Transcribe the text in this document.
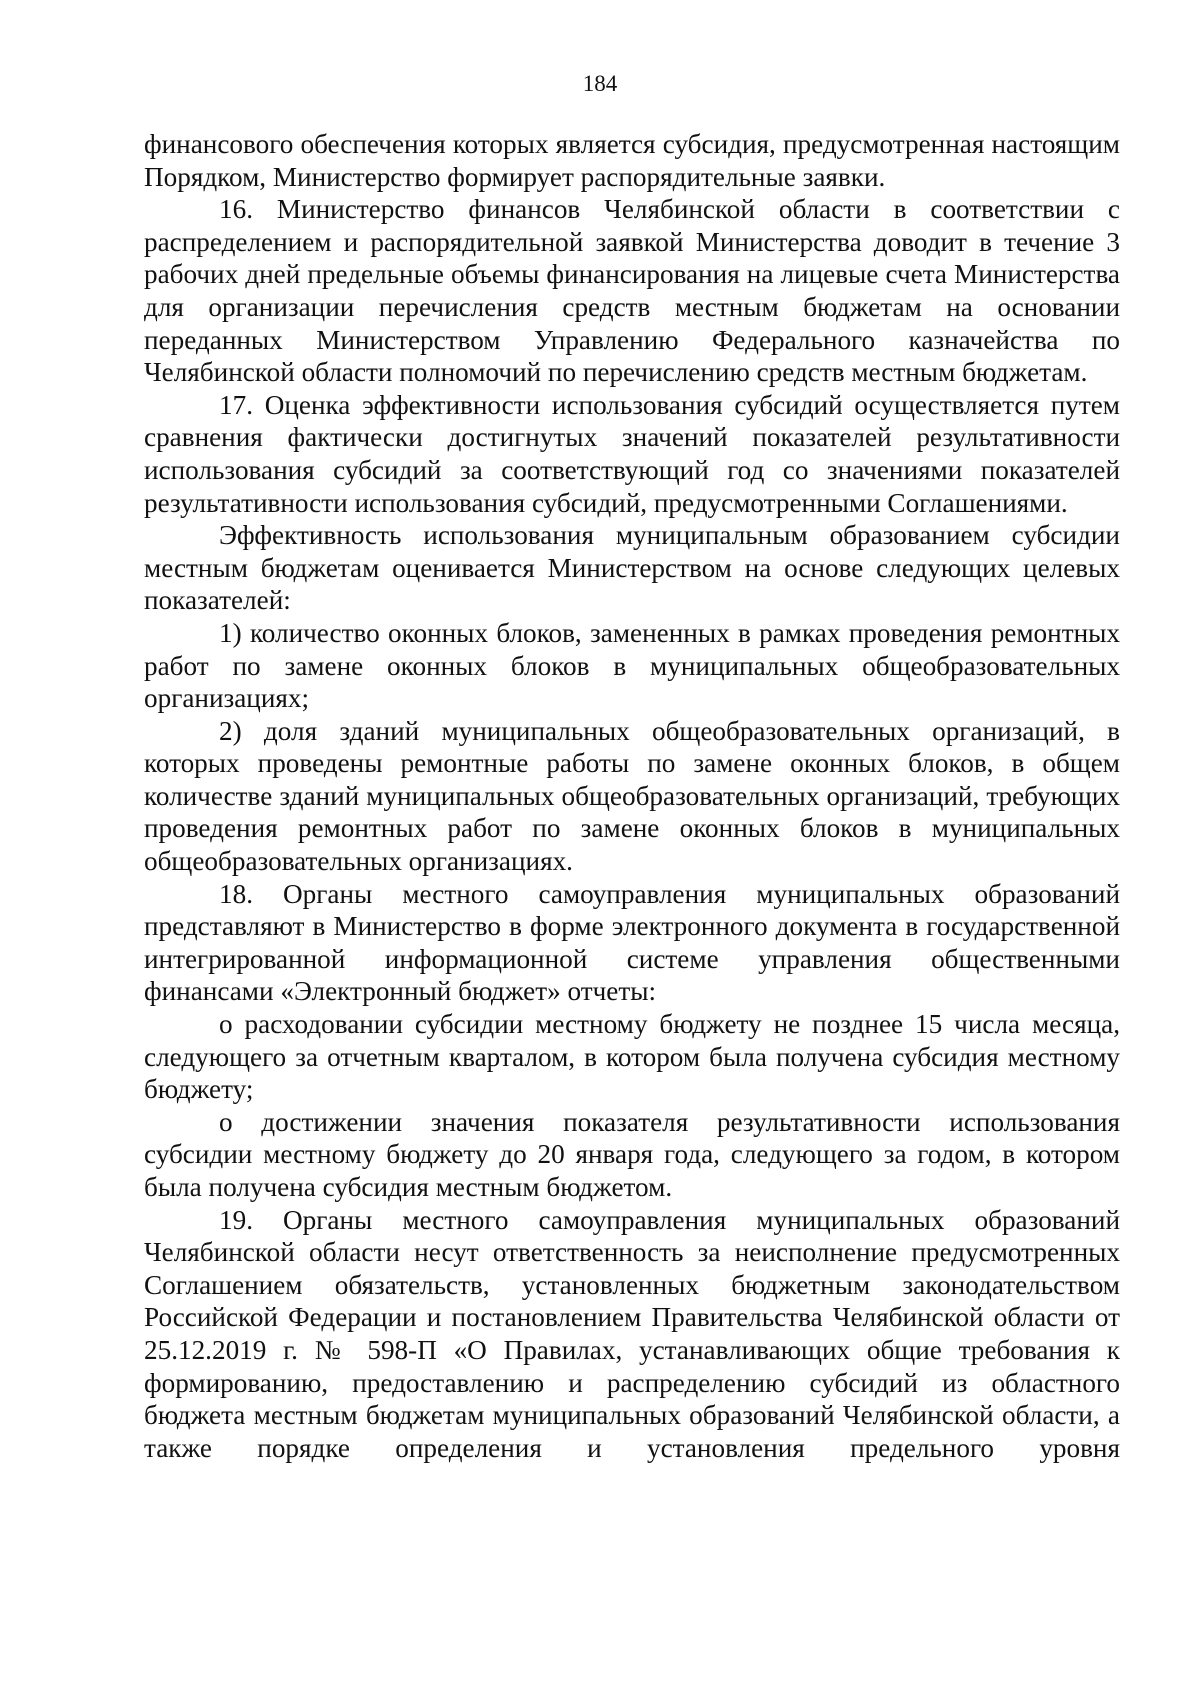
184

финансового обеспечения которых является субсидия, предусмотренная настоящим Порядком, Министерство формирует распорядительные заявки.

16. Министерство финансов Челябинской области в соответствии с распределением и распорядительной заявкой Министерства доводит в течение 3 рабочих дней предельные объемы финансирования на лицевые счета Министерства для организации перечисления средств местным бюджетам на основании переданных Министерством Управлению Федерального казначейства по Челябинской области полномочий по перечислению средств местным бюджетам.

17. Оценка эффективности использования субсидий осуществляется путем сравнения фактически достигнутых значений показателей результативности использования субсидий за соответствующий год со значениями показателей результативности использования субсидий, предусмотренными Соглашениями.

Эффективность использования муниципальным образованием субсидии местным бюджетам оценивается Министерством на основе следующих целевых показателей:

1) количество оконных блоков, замененных в рамках проведения ремонтных работ по замене оконных блоков в муниципальных общеобразовательных организациях;

2) доля зданий муниципальных общеобразовательных организаций, в которых проведены ремонтные работы по замене оконных блоков, в общем количестве зданий муниципальных общеобразовательных организаций, требующих проведения ремонтных работ по замене оконных блоков в муниципальных общеобразовательных организациях.

18. Органы местного самоуправления муниципальных образований представляют в Министерство в форме электронного документа в государственной интегрированной информационной системе управления общественными финансами «Электронный бюджет» отчеты:

о расходовании субсидии местному бюджету не позднее 15 числа месяца, следующего за отчетным кварталом, в котором была получена субсидия местному бюджету;

о достижении значения показателя результативности использования субсидии местному бюджету до 20 января года, следующего за годом, в котором была получена субсидия местным бюджетом.

19. Органы местного самоуправления муниципальных образований Челябинской области несут ответственность за неисполнение предусмотренных Соглашением обязательств, установленных бюджетным законодательством Российской Федерации и постановлением Правительства Челябинской области от 25.12.2019 г. № 598-П «О Правилах, устанавливающих общие требования к формированию, предоставлению и распределению субсидий из областного бюджета местным бюджетам муниципальных образований Челябинской области, а также порядке определения и установления предельного уровня
